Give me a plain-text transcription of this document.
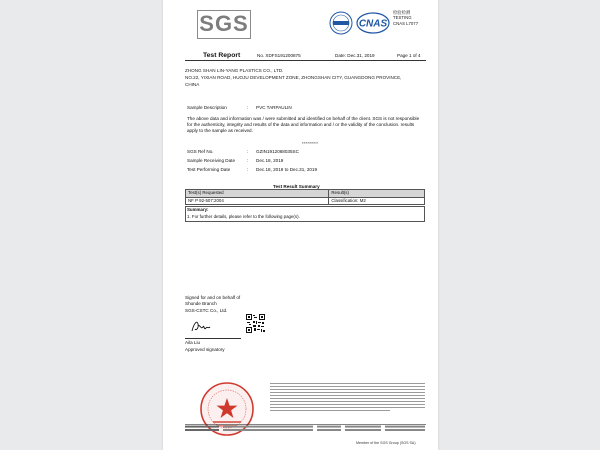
SGS	CNAS
检验检测
TESTING
CNAS L7077
Test Report	No. XDFS191200875	Date: Dec.31, 2019	Page 1 of 4
ZHONG SHAN LIN-YANG PLASTICS CO., LTD.
NO.22, YIXIAN ROAD, HUOJU DEVELOPMENT ZONE, ZHONGSHAN CITY, GUANGDONG PROVINCE,
CHINA
Sample Description	: PVC TARPAULIN
The above data and information was / were submitted and identified on behalf of the client. SGS is not responsible for the authenticity, integrity and results of the data and information and / or the validity of the conclusion. results apply to the sample as received.
********
SGS Ref No.	: GZIN1912068035SC
Sample Receiving Date	: Dec.18, 2019
Test Performing Date	: Dec.18, 2019 to Dec.31, 2019
Test Result Summary
Test(s) Requested	Result(s)
NF P 92-507:2004	Classification: M2
Summary:
1. For further details, please refer to the following page(s).
Signed for and on behalf of
Shunde Branch
SGS-CSTC Co., Ltd.
Aila Liu
Approved signatory
Member of the SGS Group (SGS SA)
